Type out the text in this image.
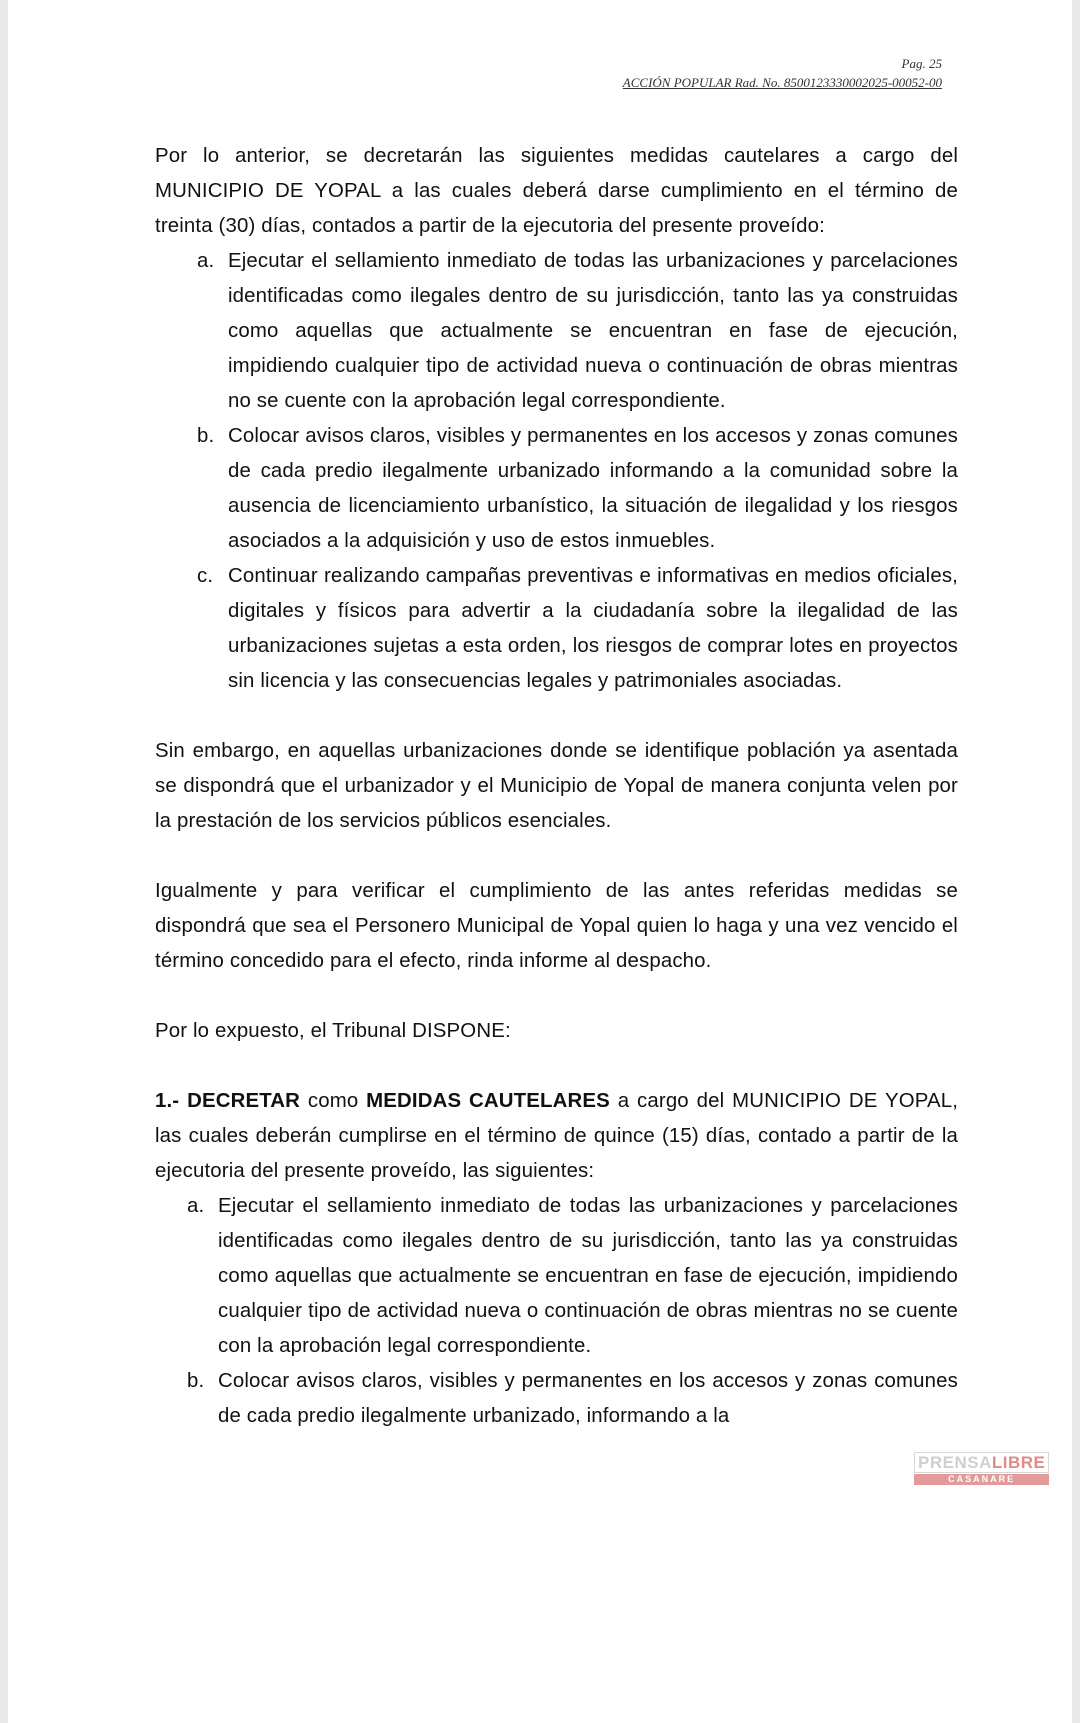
Pag. 25
ACCIÓN POPULAR Rad. No. 8500123330002025-00052-00

Por lo anterior, se decretarán las siguientes medidas cautelares a cargo del MUNICIPIO DE YOPAL a las cuales deberá darse cumplimiento en el término de treinta (30) días, contados a partir de la ejecutoria del presente proveído:

a. Ejecutar el sellamiento inmediato de todas las urbanizaciones y parcelaciones identificadas como ilegales dentro de su jurisdicción, tanto las ya construidas como aquellas que actualmente se encuentran en fase de ejecución, impidiendo cualquier tipo de actividad nueva o continuación de obras mientras no se cuente con la aprobación legal correspondiente.
b. Colocar avisos claros, visibles y permanentes en los accesos y zonas comunes de cada predio ilegalmente urbanizado informando a la comunidad sobre la ausencia de licenciamiento urbanístico, la situación de ilegalidad y los riesgos asociados a la adquisición y uso de estos inmuebles.
c. Continuar realizando campañas preventivas e informativas en medios oficiales, digitales y físicos para advertir a la ciudadanía sobre la ilegalidad de las urbanizaciones sujetas a esta orden, los riesgos de comprar lotes en proyectos sin licencia y las consecuencias legales y patrimoniales asociadas.

Sin embargo, en aquellas urbanizaciones donde se identifique población ya asentada se dispondrá que el urbanizador y el Municipio de Yopal de manera conjunta velen por la prestación de los servicios públicos esenciales.

Igualmente y para verificar el cumplimiento de las antes referidas medidas se dispondrá que sea el Personero Municipal de Yopal quien lo haga y una vez vencido el término concedido para el efecto, rinda informe al despacho.

Por lo expuesto, el Tribunal DISPONE:

1.- DECRETAR como MEDIDAS CAUTELARES a cargo del MUNICIPIO DE YOPAL, las cuales deberán cumplirse en el término de quince (15) días, contado a partir de la ejecutoria del presente proveído, las siguientes:

a. Ejecutar el sellamiento inmediato de todas las urbanizaciones y parcelaciones identificadas como ilegales dentro de su jurisdicción, tanto las ya construidas como aquellas que actualmente se encuentran en fase de ejecución, impidiendo cualquier tipo de actividad nueva o continuación de obras mientras no se cuente con la aprobación legal correspondiente.
b. Colocar avisos claros, visibles y permanentes en los accesos y zonas comunes de cada predio ilegalmente urbanizado, informando a la
PRENSALIBRE
CASANARE
